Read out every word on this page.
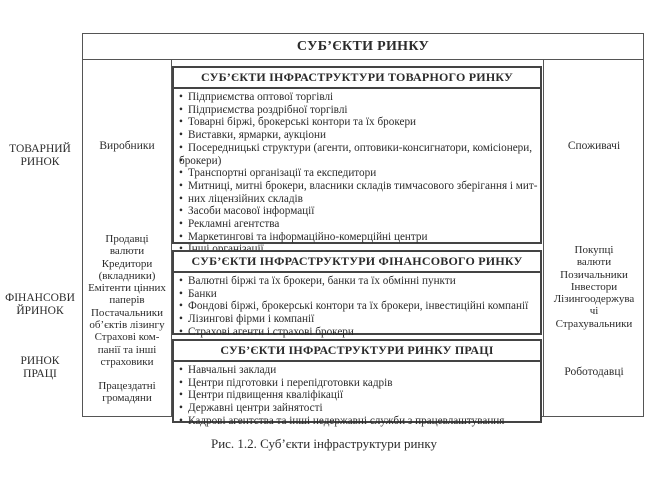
СУБ’ЄКТИ РИНКУ
ТОВАРНИЙ
РИНОК
ФІНАНСОВИ
ЙРИНОК
РИНОК
ПРАЦІ
Виробники
Продавці
валюти
Кредитори
(вкладники)
Емітенти цінних
паперів
Постачальники
об’єктів лізингу
Страхові ком-
панії та інші
страховики
Працездатні
громадяни
Споживачі
Покупці
валюти
Позичальники
Інвестори
Лізингоодержува
чі
Страхувальники
Роботодавці
СУБ’ЄКТИ ІНФРАСТРУКТУРИ ТОВАРНОГО РИНКУ
• Підприємства оптової торгівлі
• Підприємства роздрібної торгівлі
• Товарні біржі, брокерські контори та їх брокери
• Виставки, ярмарки, аукціони
• Посередницькі структури (агенти, оптовики-консигнатори, комісіонери,
• брокери)
• Транспортні організації та експедитори
• Митниці, митні брокери, власники складів тимчасового зберігання і мит-
• них ліцензійних складів
• Засоби масової інформації
• Рекламні агентства
• Маркетингові та інформаційно-комерційні центри
•
СУБ’ЄКТИ ІНФРАСТРУКТУРИ ФІНАНСОВОГО РИНКУ
• Валютні біржі та їх брокери, банки та їх обмінні пункти
• Банки
• Фондові біржі, брокерські контори та їх брокери, інвестиційні компанії
• Лізингові фірми і компанії
• Страхові агенти і страхові брокери
СУБ’ЄКТИ ІНФРАСТРУКТУРИ РИНКУ ПРАЦІ
• Навчальні заклади
• Центри підготовки і перепідготовки кадрів
• Центри підвищення кваліфікації
• Державні центри зайнятості
• Кадрові агентства та інші недержавні служби з працевлаштування
Рис. 1.2. Суб’єкти інфраструктури ринку
